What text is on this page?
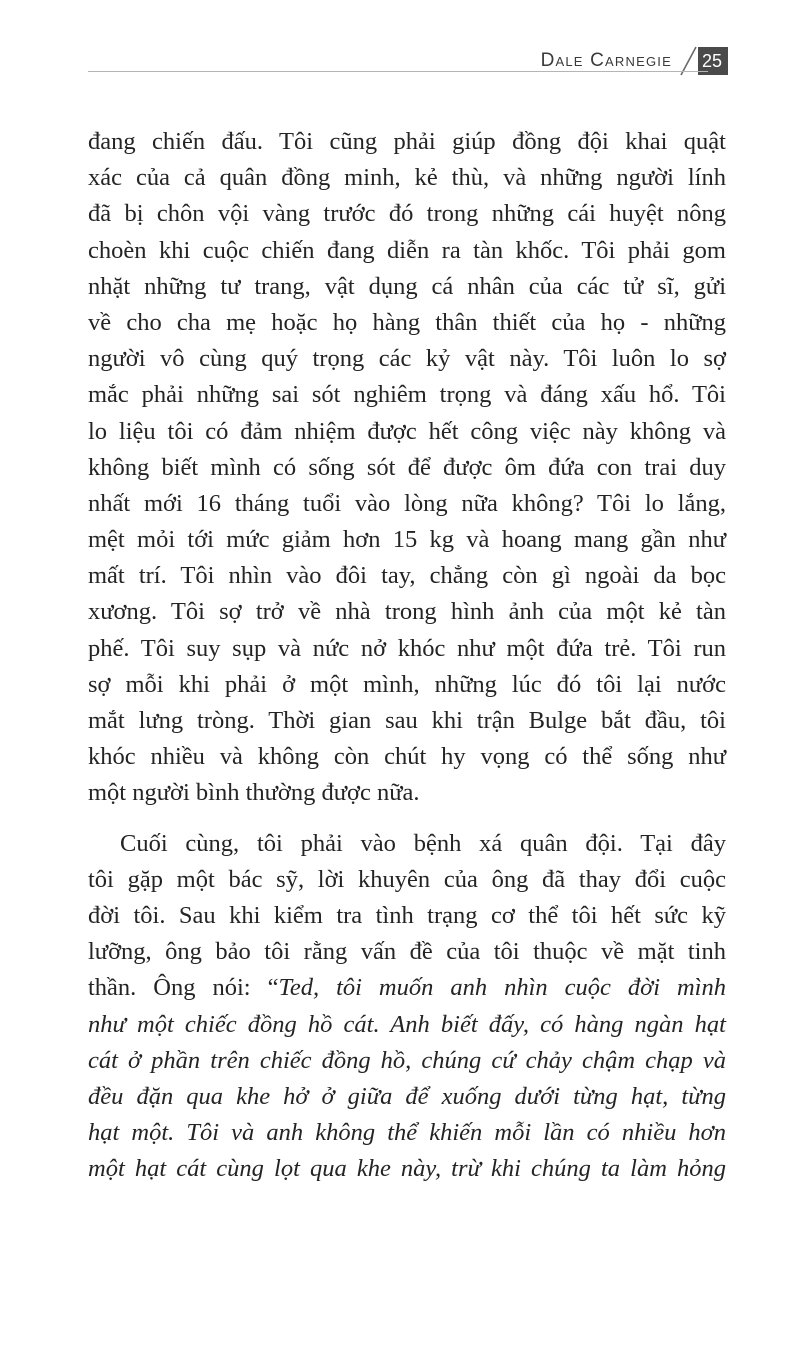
Dale Carnegie 25
đang chiến đấu. Tôi cũng phải giúp đồng đội khai quật
xác của cả quân đồng minh, kẻ thù, và những người lính
đã bị chôn vội vàng trước đó trong những cái huyệt nông
choèn khi cuộc chiến đang diễn ra tàn khốc. Tôi phải gom
nhặt những tư trang, vật dụng cá nhân của các tử sĩ, gửi
về cho cha mẹ hoặc họ hàng thân thiết của họ - những
người vô cùng quý trọng các kỷ vật này. Tôi luôn lo sợ
mắc phải những sai sót nghiêm trọng và đáng xấu hổ. Tôi
lo liệu tôi có đảm nhiệm được hết công việc này không và
không biết mình có sống sót để được ôm đứa con trai duy
nhất mới 16 tháng tuổi vào lòng nữa không? Tôi lo lắng,
mệt mỏi tới mức giảm hơn 15 kg và hoang mang gần như
mất trí. Tôi nhìn vào đôi tay, chẳng còn gì ngoài da bọc
xương. Tôi sợ trở về nhà trong hình ảnh của một kẻ tàn
phế. Tôi suy sụp và nức nở khóc như một đứa trẻ. Tôi run
sợ mỗi khi phải ở một mình, những lúc đó tôi lại nước
mắt lưng tròng. Thời gian sau khi trận Bulge bắt đầu, tôi
khóc nhiều và không còn chút hy vọng có thể sống như
một người bình thường được nữa.
Cuối cùng, tôi phải vào bệnh xá quân đội. Tại đây
tôi gặp một bác sỹ, lời khuyên của ông đã thay đổi cuộc
đời tôi. Sau khi kiểm tra tình trạng cơ thể tôi hết sức kỹ
lưỡng, ông bảo tôi rằng vấn đề của tôi thuộc về mặt tinh
thần. Ông nói: “Ted, tôi muốn anh nhìn cuộc đời mình
như một chiếc đồng hồ cát. Anh biết đấy, có hàng ngàn hạt
cát ở phần trên chiếc đồng hồ, chúng cứ chảy chậm chạp và
đều đặn qua khe hở ở giữa để xuống dưới từng hạt, từng
hạt một. Tôi và anh không thể khiến mỗi lần có nhiều hơn
một hạt cát cùng lọt qua khe này, trừ khi chúng ta làm hỏng
